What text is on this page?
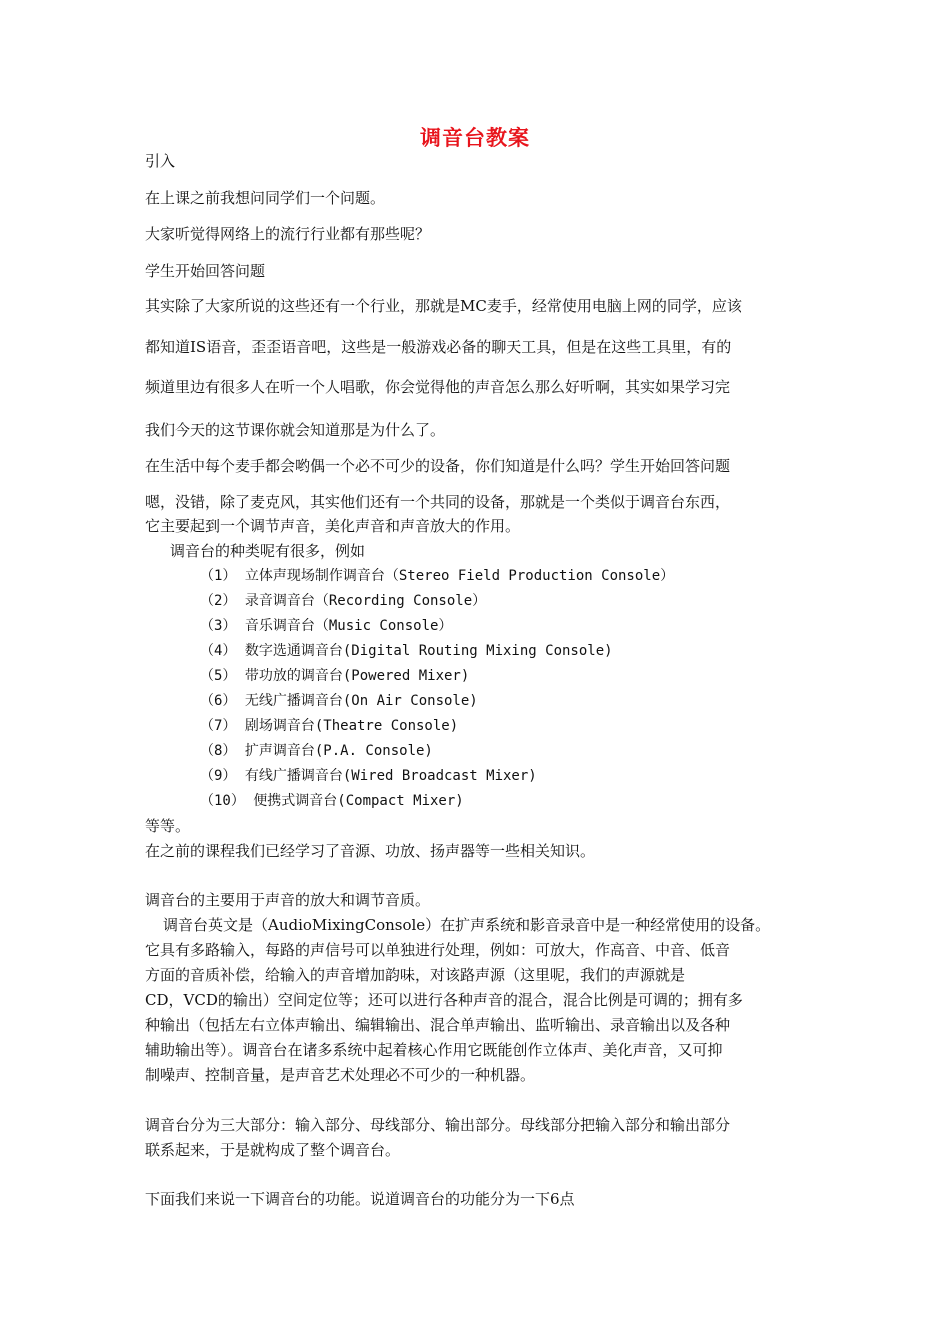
调音台教案
引入
在上课之前我想问同学们一个问题。
大家听觉得网络上的流行行业都有那些呢？
学生开始回答问题
其实除了大家所说的这些还有一个行业，那就是MC麦手，经常使用电脑上网的同学，应该
都知道IS语音，歪歪语音吧，这些是一般游戏必备的聊天工具，但是在这些工具里，有的
频道里边有很多人在听一个人唱歌，你会觉得他的声音怎么那么好听啊，其实如果学习完
我们今天的这节课你就会知道那是为什么了。
在生活中每个麦手都会哟偶一个必不可少的设备，你们知道是什么吗？学生开始回答问题
嗯，没错，除了麦克风，其实他们还有一个共同的设备，那就是一个类似于调音台东西，
它主要起到一个调节声音，美化声音和声音放大的作用。
调音台的种类呢有很多，例如
（1） 立体声现场制作调音台（Stereo Field Production Console）
（2） 录音调音台（Recording Console）
（3） 音乐调音台（Music Console）
（4） 数字选通调音台(Digital Routing Mixing Console)
（5） 带功放的调音台(Powered Mixer)
（6） 无线广播调音台(On Air Console)
（7） 剧场调音台(Theatre Console)
（8） 扩声调音台(P.A. Console)
（9） 有线广播调音台(Wired Broadcast Mixer)
（10） 便携式调音台(Compact Mixer)
等等。
在之前的课程我们已经学习了音源、功放、扬声器等一些相关知识。
调音台的主要用于声音的放大和调节音质。
调音台英文是（AudioMixingConsole）在扩声系统和影音录音中是一种经常使用的设备。
它具有多路输入，每路的声信号可以单独进行处理，例如：可放大，作高音、中音、低音
方面的音质补偿，给输入的声音增加韵味，对该路声源（这里呢，我们的声源就是
CD，VCD的输出）空间定位等；还可以进行各种声音的混合，混合比例是可调的；拥有多
种输出（包括左右立体声输出、编辑输出、混合单声输出、监听输出、录音输出以及各种
辅助输出等）。调音台在诸多系统中起着核心作用它既能创作立体声、美化声音，又可抑
制噪声、控制音量，是声音艺术处理必不可少的一种机器。
调音台分为三大部分：输入部分、母线部分、输出部分。母线部分把输入部分和输出部分
联系起来，于是就构成了整个调音台。
下面我们来说一下调音台的功能。说道调音台的功能分为一下6点
